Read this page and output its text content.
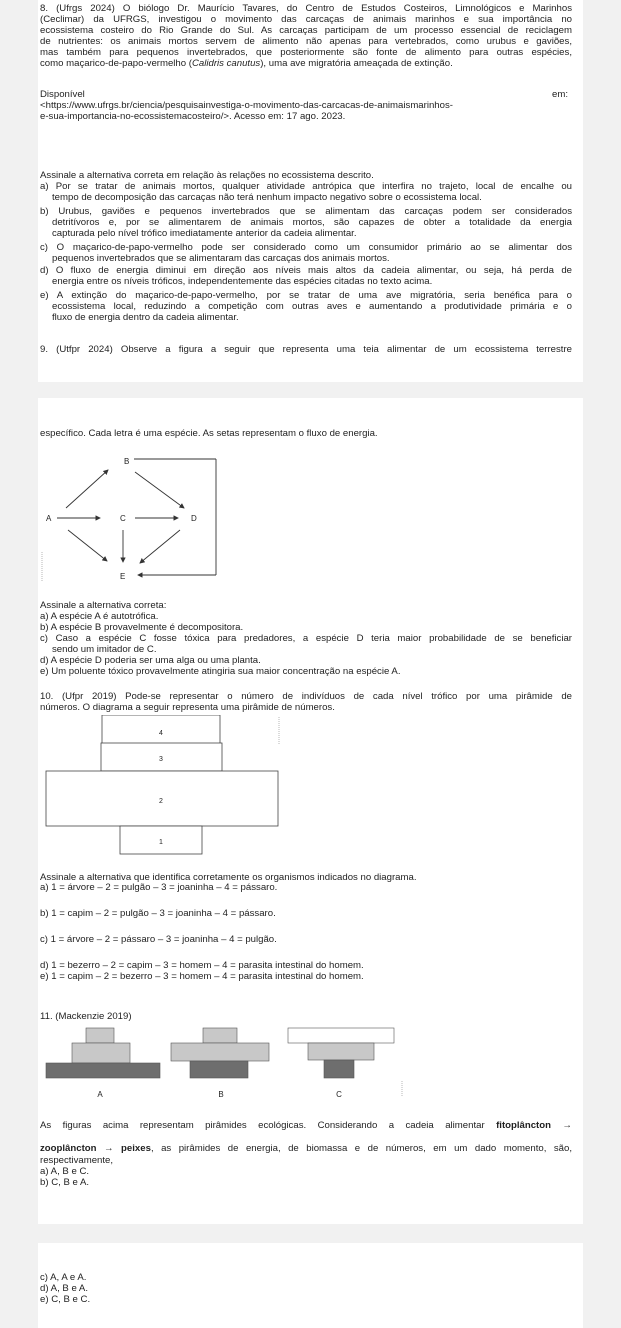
8. (Ufrgs 2024) O biólogo Dr. Maurício Tavares, do Centro de Estudos Costeiros, Limnológicos e Marinhos
(Ceclimar) da UFRGS, investigou o movimento das carcaças de animais marinhos e sua importância no
ecossistema costeiro do Rio Grande do Sul. As carcaças participam de um processo essencial de reciclagem
de nutrientes: os animais mortos servem de alimento não apenas para vertebrados, como urubus e gaviões,
mas também para pequenos invertebrados, que posteriormente são fonte de alimento para outras espécies,
como maçarico-de-papo-vermelho (Calidris canutus), uma ave migratória ameaçada de extinção.
Disponível	em:
<https://www.ufrgs.br/ciencia/pesquisainvestiga-o-movimento-das-carcacas-de-animaismarinhos-
e-sua-importancia-no-ecossistemacosteiro/>. Acesso em: 17 ago. 2023.
Assinale a alternativa correta em relação às relações no ecossistema descrito.
a) Por se tratar de animais mortos, qualquer atividade antrópica que interfira no trajeto, local de encalhe ou
tempo de decomposição das carcaças não terá nenhum impacto negativo sobre o ecossistema local.
b) Urubus, gaviões e pequenos invertebrados que se alimentam das carcaças podem ser considerados
detritívoros e, por se alimentarem de animais mortos, são capazes de obter a totalidade da energia
capturada pelo nível trófico imediatamente anterior da cadeia alimentar.
c) O maçarico-de-papo-vermelho pode ser considerado como um consumidor primário ao se alimentar dos
pequenos invertebrados que se alimentaram das carcaças dos animais mortos.
d) O fluxo de energia diminui em direção aos níveis mais altos da cadeia alimentar, ou seja, há perda de
energia entre os níveis tróficos, independentemente das espécies citadas no texto acima.
e) A extinção do maçarico-de-papo-vermelho, por se tratar de uma ave migratória, seria benéfica para o
ecossistema local, reduzindo a competição com outras aves e aumentando a produtividade primária e o
fluxo de energia dentro da cadeia alimentar.
9. (Utfpr 2024) Observe a figura a seguir que representa uma teia alimentar de um ecossistema terrestre
específico. Cada letra é uma espécie. As setas representam o fluxo de energia.
B
A	C	D
E
Assinale a alternativa correta:
a) A espécie A é autotrófica.
b) A espécie B provavelmente é decompositora.
c) Caso a espécie C fosse tóxica para predadores, a espécie D teria maior probabilidade de se beneficiar
sendo um imitador de C.
d) A espécie D poderia ser uma alga ou uma planta.
e) Um poluente tóxico provavelmente atingiria sua maior concentração na espécie A.
10. (Ufpr 2019) Pode-se representar o número de indivíduos de cada nível trófico por uma pirâmide de
números. O diagrama a seguir representa uma pirâmide de números.
4
3
2
1
Assinale a alternativa que identifica corretamente os organismos indicados no diagrama.
a) 1 = árvore – 2 = pulgão – 3 = joaninha – 4 = pássaro.
b) 1 = capim – 2 = pulgão – 3 = joaninha – 4 = pássaro.
c) 1 = árvore – 2 = pássaro – 3 = joaninha – 4 = pulgão.
d) 1 = bezerro – 2 = capim – 3 = homem – 4 = parasita intestinal do homem.
e) 1 = capim – 2 = bezerro – 3 = homem – 4 = parasita intestinal do homem.
11. (Mackenzie 2019)
A	B	C
As figuras acima representam pirâmides ecológicas. Considerando a cadeia alimentar fitoplâncton →
zooplâncton → peixes, as pirâmides de energia, de biomassa e de números, em um dado momento, são,
respectivamente,
a) A, B e C.
b) C, B e A.
c) A, A e A.
d) A, B e A.
e) C, B e C.
